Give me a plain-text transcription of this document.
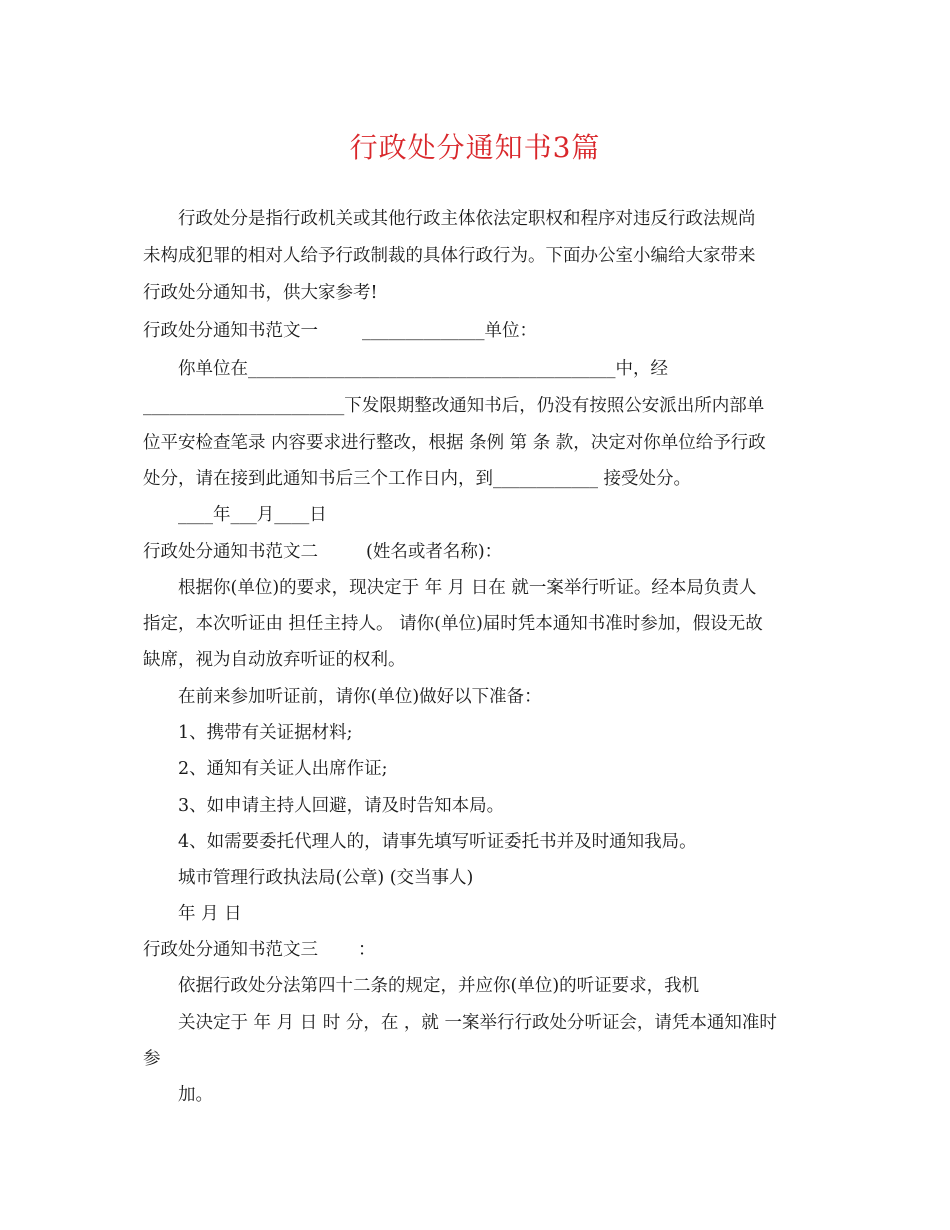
行政处分通知书3篇
行政处分是指行政机关或其他行政主体依法定职权和程序对违反行政法规尚
未构成犯罪的相对人给予行政制裁的具体行政行为。下面办公室小编给大家带来
行政处分通知书，供大家参考!
行政处分通知书范文一	______________单位：
你单位在__________________________________________中，经
_______________________下发限期整改通知书后，仍没有按照公安派出所内部单
位平安检查笔录 内容要求进行整改，根据 条例 第 条 款，决定对你单位给予行政
处分，请在接到此通知书后三个工作日内，到____________ 接受处分。
____年___月____日
行政处分通知书范文二	(姓名或者名称)：
根据你(单位)的要求，现决定于 年 月 日在 就一案举行听证。经本局负责人
指定，本次听证由 担任主持人。 请你(单位)届时凭本通知书准时参加，假设无故
缺席，视为自动放弃听证的权利。
在前来参加听证前，请你(单位)做好以下准备：
1、携带有关证据材料;
2、通知有关证人出席作证;
3、如申请主持人回避，请及时告知本局。
4、如需要委托代理人的，请事先填写听证委托书并及时通知我局。
城市管理行政执法局(公章) (交当事人)
年 月 日
行政处分通知书范文三 ：
依据行政处分法第四十二条的规定，并应你(单位)的听证要求，我机
关决定于 年 月 日 时 分，在 ，就 一案举行行政处分听证会，请凭本通知准时
参
加。
